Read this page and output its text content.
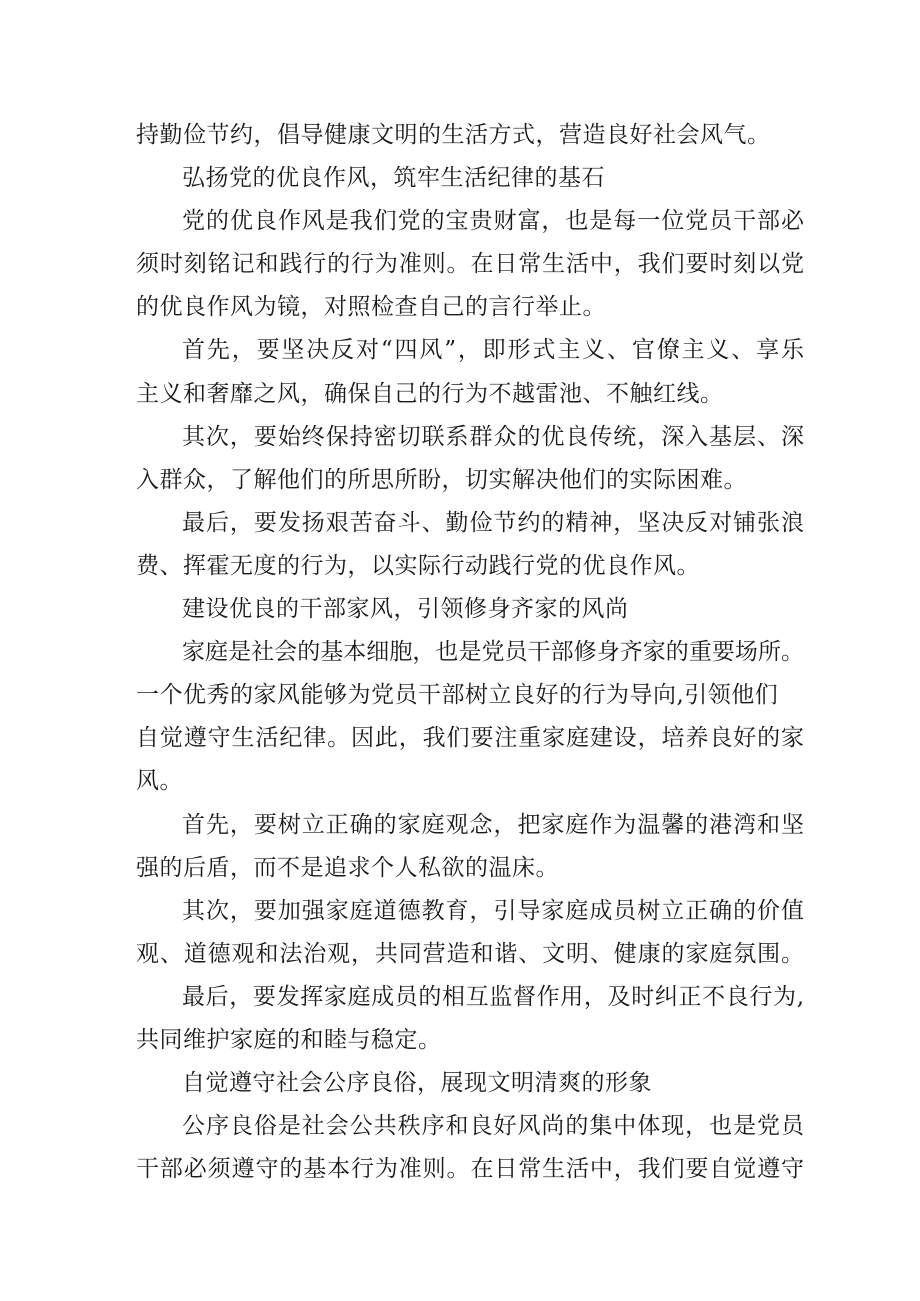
持勤俭节约，倡导健康文明的生活方式，营造良好社会风气。
弘扬党的优良作风，筑牢生活纪律的基石
党的优良作风是我们党的宝贵财富，也是每一位党员干部必
须时刻铭记和践行的行为准则。在日常生活中，我们要时刻以党
的优良作风为镜，对照检查自己的言行举止。
首先，要坚决反对“四风”，即形式主义、官僚主义、享乐
主义和奢靡之风，确保自己的行为不越雷池、不触红线。
其次，要始终保持密切联系群众的优良传统，深入基层、深
入群众，了解他们的所思所盼，切实解决他们的实际困难。
最后，要发扬艰苦奋斗、勤俭节约的精神，坚决反对铺张浪
费、挥霍无度的行为，以实际行动践行党的优良作风。
建设优良的干部家风，引领修身齐家的风尚
家庭是社会的基本细胞，也是党员干部修身齐家的重要场所。
一个优秀的家风能够为党员干部树立良好的行为导向,引领他们
自觉遵守生活纪律。因此，我们要注重家庭建设，培养良好的家
风。
首先，要树立正确的家庭观念，把家庭作为温馨的港湾和坚
强的后盾，而不是追求个人私欲的温床。
其次，要加强家庭道德教育，引导家庭成员树立正确的价值
观、道德观和法治观，共同营造和谐、文明、健康的家庭氛围。
最后，要发挥家庭成员的相互监督作用，及时纠正不良行为,
共同维护家庭的和睦与稳定。
自觉遵守社会公序良俗，展现文明清爽的形象
公序良俗是社会公共秩序和良好风尚的集中体现，也是党员
干部必须遵守的基本行为准则。在日常生活中，我们要自觉遵守
